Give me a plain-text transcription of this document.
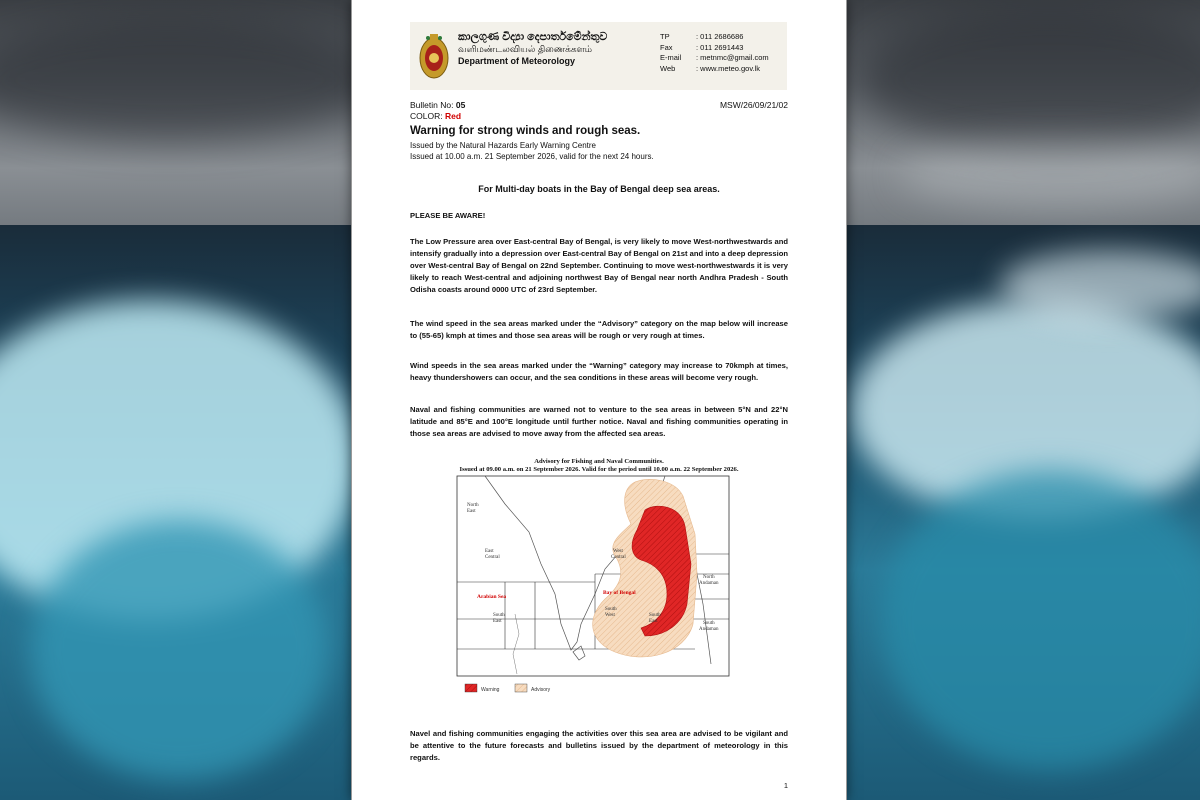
කාලගුණ විද්‍යා දෙපාර්තමේන්තුව
வளிமண்டலவியல் திணைக்களம்
Department of Meteorology
TP	: 011 2686686
Fax	: 011 2691443
E-mail	: metnmc@gmail.com
Web	: www.meteo.gov.lk
Bulletin No: 05
COLOR: Red
MSW/26/09/21/02
Warning for strong winds and rough seas.
Issued by the Natural Hazards Early Warning Centre
Issued at 10.00 a.m. 21 September 2026, valid for the next 24 hours.
For Multi-day boats in the Bay of Bengal deep sea areas.
PLEASE BE AWARE!
The Low Pressure area over East-central Bay of Bengal, is very likely to move West-northwestwards and intensify gradually into a depression over East-central Bay of Bengal on 21st and into a deep depression over West-central Bay of Bengal on 22nd September. Continuing to move west-northwestwards it is very likely to reach West-central and adjoining northwest Bay of Bengal near north Andhra Pradesh - South Odisha coasts around 0000 UTC of 23rd September.
The wind speed in the sea areas marked under the “Advisory” category on the map below will increase to (55-65) kmph at times and those sea areas will be rough or very rough at times.
Wind speeds in the sea areas marked under the “Warning” category may increase to 70kmph at times, heavy thundershowers can occur, and the sea conditions in these areas will become very rough.
Naval and fishing communities are warned not to venture to the sea areas in between 5°N and 22°N latitude and 85°E and 100°E longitude until further notice. Naval and fishing communities operating in those sea areas are advised to move away from the affected sea areas.
Advisory for Fishing and Naval Communities.
Issued at 09.00 a.m. on 21 September 2026. Valid for the period until 10.00 a.m. 22 September 2026.
North
East
East
Central
Arabian Sea
South
East
West
Central
Bay of Bengal
South
West	South
East
North
Andaman
South
Andaman
Warning	Advisory
Navel and fishing communities engaging the activities over this sea area are advised to be vigilant and be attentive to the future forecasts and bulletins issued by the department of meteorology in this regards.
1
